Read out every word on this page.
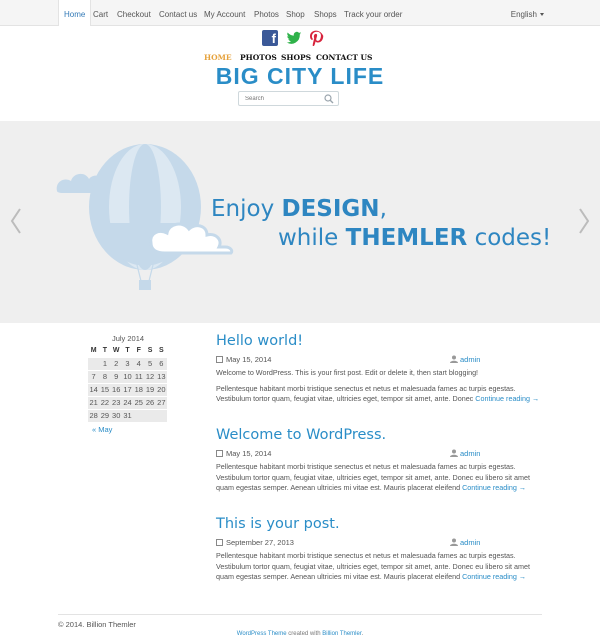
Home Cart Checkout Contact us My Account Photos Shop Shops Track your order	English
f
HOME PHOTOS SHOPS CONTACT US
BIG CITY LIFE
Search
Enjoy DESIGN,
while THEMLER codes!
July 2014
M	T	W	T	F	S	S
	1	2	3	4	5	6
7	8	9	10	11	12	13
14	15	16	17	18	19	20
21	22	23	24	25	26	27
28	29	30	31			
« May
Hello world!
May 15, 2014	admin

Welcome to WordPress. This is your first post. Edit or delete it, then start blogging!

Pellentesque habitant morbi tristique senectus et netus et malesuada fames ac turpis egestas. Vestibulum tortor quam, feugiat vitae, ultricies eget, tempor sit amet, ante. Donec Continue reading →

Welcome to WordPress.
May 15, 2014	admin

Pellentesque habitant morbi tristique senectus et netus et malesuada fames ac turpis egestas. Vestibulum tortor quam, feugiat vitae, ultricies eget, tempor sit amet, ante. Donec eu libero sit amet quam egestas semper. Aenean ultricies mi vitae est. Mauris placerat eleifend Continue reading →

This is your post.
September 27, 2013	admin

Pellentesque habitant morbi tristique senectus et netus et malesuada fames ac turpis egestas. Vestibulum tortor quam, feugiat vitae, ultricies eget, tempor sit amet, ante. Donec eu libero sit amet quam egestas semper. Aenean ultricies mi vitae est. Mauris placerat eleifend Continue reading →

© 2014. Billion Themler
WordPress Theme created with Billion Themler.
